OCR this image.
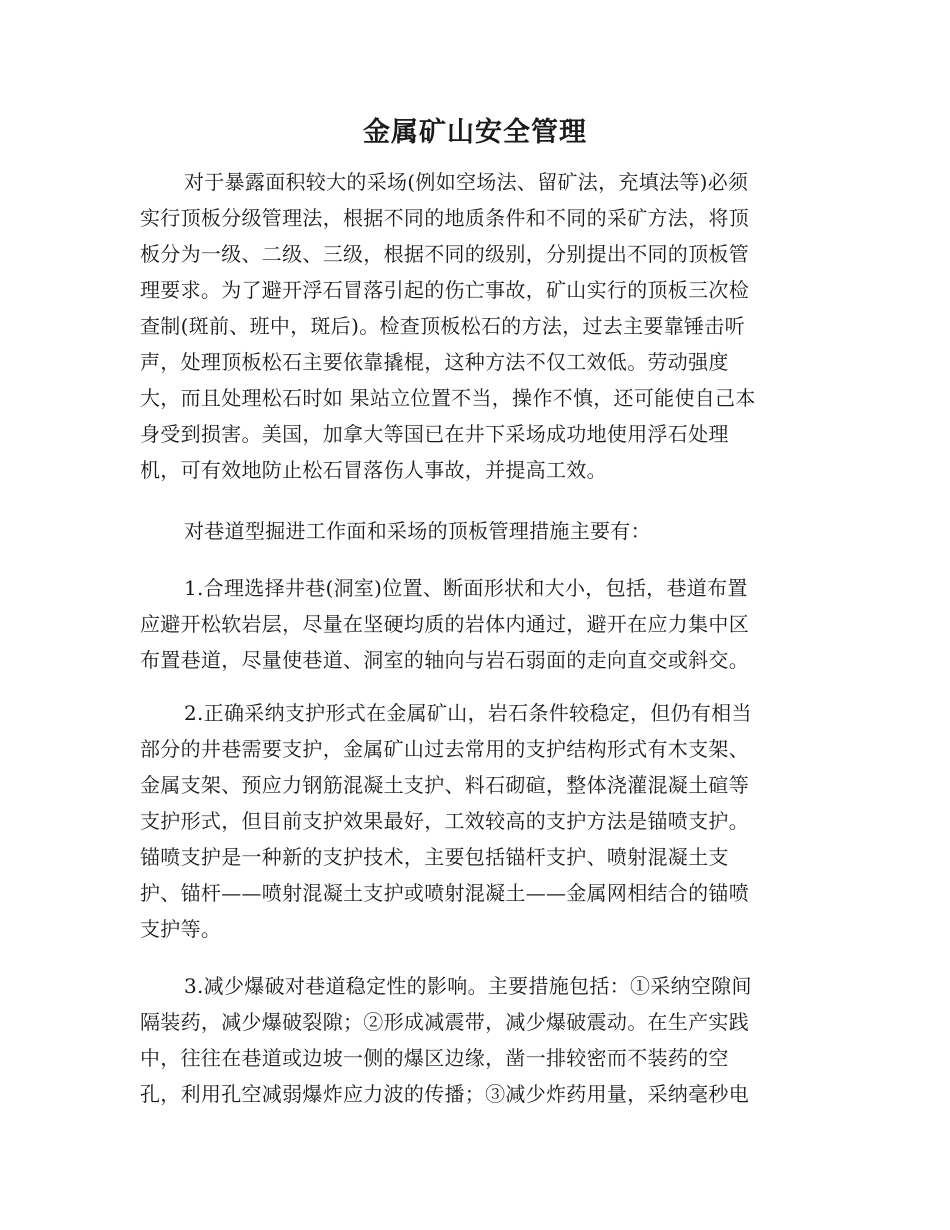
金属矿山安全管理
对于暴露面积较大的采场(例如空场法、留矿法，充填法等)必须
实行顶板分级管理法，根据不同的地质条件和不同的采矿方法，将顶
板分为一级、二级、三级，根据不同的级别，分别提出不同的顶板管
理要求。为了避开浮石冒落引起的伤亡事故，矿山实行的顶板三次检
查制(斑前、班中，斑后)。检查顶板松石的方法，过去主要靠锤击听
声，处理顶板松石主要依靠撬棍，这种方法不仅工效低。劳动强度
大，而且处理松石时如 果站立位置不当，操作不慎，还可能使自己本
身受到损害。美国，加拿大等国已在井下采场成功地使用浮石处理
机，可有效地防止松石冒落伤人事故，并提高工效。
对巷道型掘进工作面和采场的顶板管理措施主要有：
1.合理选择井巷(洞室)位置、断面形状和大小，包括，巷道布置
应避开松软岩层，尽量在坚硬均质的岩体内通过，避开在应力集中区
布置巷道，尽量使巷道、洞室的轴向与岩石弱面的走向直交或斜交。
2.正确采纳支护形式在金属矿山，岩石条件较稳定，但仍有相当
部分的井巷需要支护，金属矿山过去常用的支护结构形式有木支架、
金属支架、预应力钢筋混凝土支护、料石砌碹，整体浇灌混凝土碹等
支护形式，但目前支护效果最好，工效较高的支护方法是锚喷支护。
锚喷支护是一种新的支护技术，主要包括锚杆支护、喷射混凝土支
护、锚杆——喷射混凝土支护或喷射混凝土——金属网相结合的锚喷
支护等。
3.减少爆破对巷道稳定性的影响。主要措施包括：①采纳空隙间
隔装药，减少爆破裂隙；②形成减震带，减少爆破震动。在生产实践
中，往往在巷道或边坡一侧的爆区边缘，凿一排较密而不装药的空
孔，利用孔空减弱爆炸应力波的传播；③减少炸药用量，采纳毫秒电
